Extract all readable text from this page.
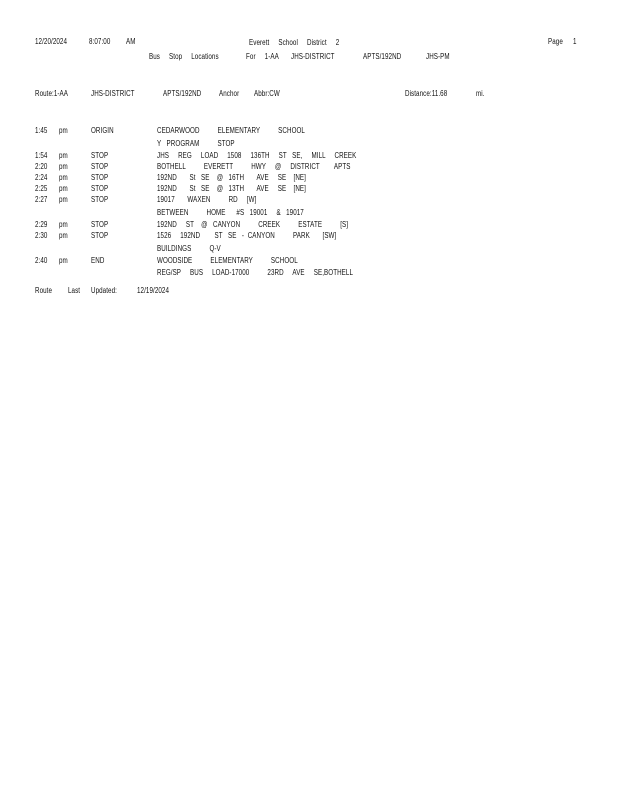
12/20/2024	8:07:00 AM	Everett     School     District     2	Page 1
Bus     Stop     Locations	For     1-AA JHS-DISTRICT	APTS/192ND	JHS-PM
Route:1-AA	JHS-DISTRICT	APTS/192ND Anchor Abbr:CW	Distance:11.68	mi.
1:45 pm	ORIGIN	CEDARWOOD          ELEMENTARY          SCHOOL
Y   PROGRAM          STOP
1:54 pm	STOP	JHS     REG     LOAD     1508     136TH     ST   SE,     MILL     CREEK
2:20 pm	STOP	BOTHELL          EVERETT          HWY     @     DISTRICT        APTS
2:24 pm	STOP	192ND       St   SE    @   16TH       AVE     SE    [NE]
2:25 pm	STOP	192ND       St   SE    @   13TH       AVE     SE    [NE]
2:27 pm	STOP	19017       WAXEN          RD     [W]
BETWEEN          HOME      #S   19001     &   19017
2:29 pm	STOP	192ND     ST    @   CANYON          CREEK          ESTATE          [S]
2:30 pm	STOP	1526     192ND        ST   SE   -  CANYON          PARK       [SW]
BUILDINGS          Q-V
2:40 pm	END	WOODSIDE          ELEMENTARY          SCHOOL
REG/SP     BUS     LOAD-17000          23RD     AVE     SE,BOTHELL
Route Last Updated:	12/19/2024
